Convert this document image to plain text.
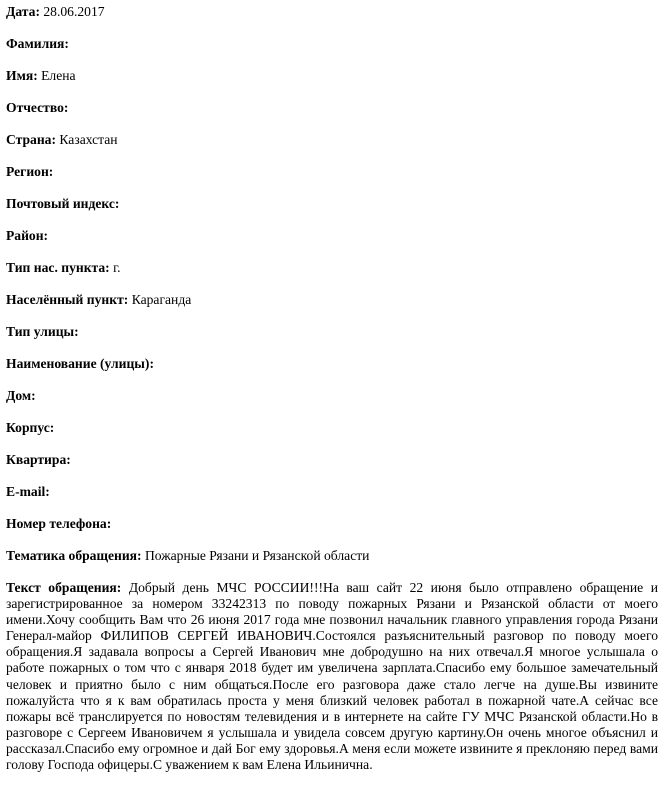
Дата: 28.06.2017
Фамилия:
Имя: Елена
Отчество:
Страна: Казахстан
Регион:
Почтовый индекс:
Район:
Тип нас. пункта: г.
Населённый пункт: Караганда
Тип улицы:
Наименование (улицы):
Дом:
Корпус:
Квартира:
E-mail:
Номер телефона:
Тематика обращения: Пожарные Рязани и Рязанской области
Текст обращения: Добрый день МЧС РОССИИ!!!На ваш сайт 22 июня было отправлено обращение и зарегистрированное за номером 33242313 по поводу пожарных Рязани и Рязанской области от моего имени.Хочу сообщить Вам что 26 июня 2017 года мне позвонил начальник главного управления города Рязани Генерал-майор ФИЛИПОВ СЕРГЕЙ ИВАНОВИЧ.Состоялся разъяснительный разговор по поводу моего обращения.Я задавала вопросы а Сергей Иванович мне добродушно на них отвечал.Я многое услышала о работе пожарных о том что с января 2018 будет им увеличена зарплата.Спасибо ему большое замечательный человек и приятно было с ним общаться.После его разговора даже стало легче на душе.Вы извините пожалуйста что я к вам обратилась проста у меня близкий человек работал в пожарной чате.А сейчас все пожары всё транслируется по новостям телевидения и в интернете на сайте ГУ МЧС Рязанской области.Но в разговоре с Сергеем Ивановичем я услышала и увидела совсем другую картину.Он очень многое объяснил и рассказал.Спасибо ему огромное и дай Бог ему здоровья.А меня если можете извините я преклоняю перед вами голову Господа офицеры.С уважением к вам Елена Ильинична.
